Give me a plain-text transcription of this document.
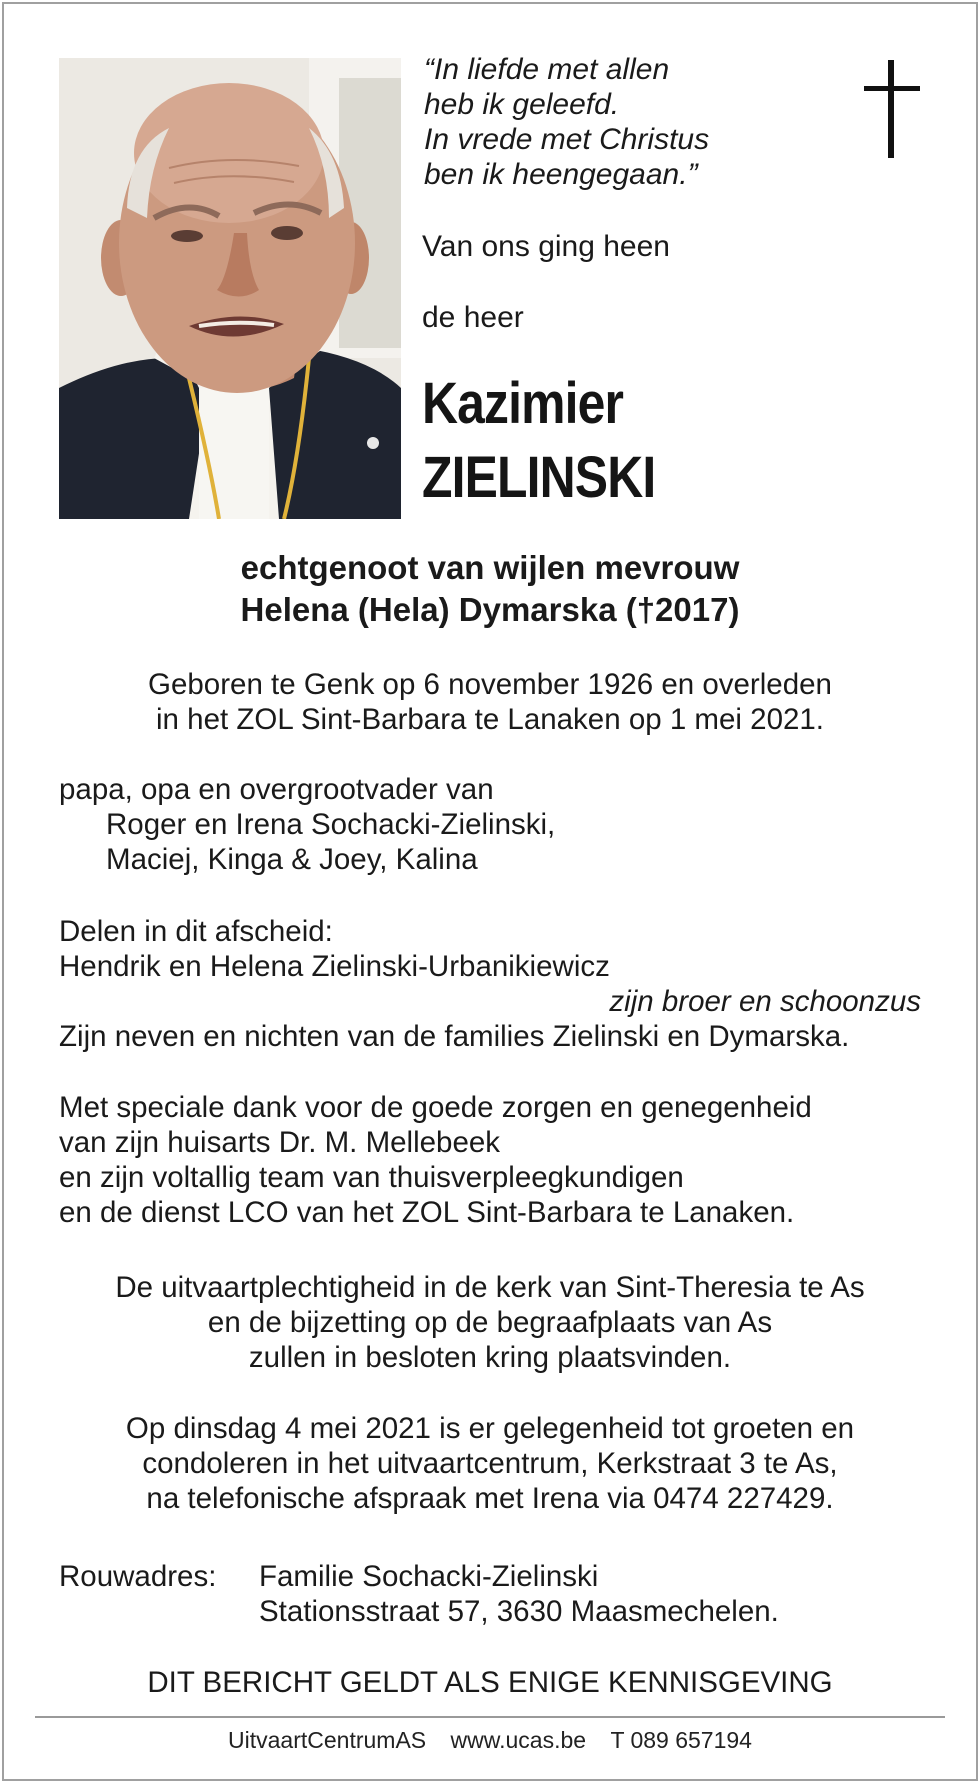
“In liefde met allen
heb ik geleefd.
In vrede met Christus
ben ik heengegaan.”
Van ons ging heen
de heer
Kazimier
ZIELINSKI
echtgenoot van wijlen mevrouw
Helena (Hela) Dymarska (†2017)
Geboren te Genk op 6 november 1926 en overleden
in het ZOL Sint-Barbara te Lanaken op 1 mei 2021.
papa, opa en overgrootvader van
Roger en Irena Sochacki-Zielinski,
Maciej, Kinga & Joey, Kalina
Delen in dit afscheid:
Hendrik en Helena Zielinski-Urbanikiewicz
zijn broer en schoonzus
Zijn neven en nichten van de families Zielinski en Dymarska.
Met speciale dank voor de goede zorgen en genegenheid
van zijn huisarts Dr. M. Mellebeek
en zijn voltallig team van thuisverpleegkundigen
en de dienst LCO van het ZOL Sint-Barbara te Lanaken.
De uitvaartplechtigheid in de kerk van Sint-Theresia te As
en de bijzetting op de begraafplaats van As
zullen in besloten kring plaatsvinden.
Op dinsdag 4 mei 2021 is er gelegenheid tot groeten en
condoleren in het uitvaartcentrum, Kerkstraat 3 te As,
na telefonische afspraak met Irena via 0474 227429.
Rouwadres: Familie Sochacki-Zielinski
Stationsstraat 57, 3630 Maasmechelen.
DIT BERICHT GELDT ALS ENIGE KENNISGEVING
UitvaartCentrumAS www.ucas.be T 089 657194
